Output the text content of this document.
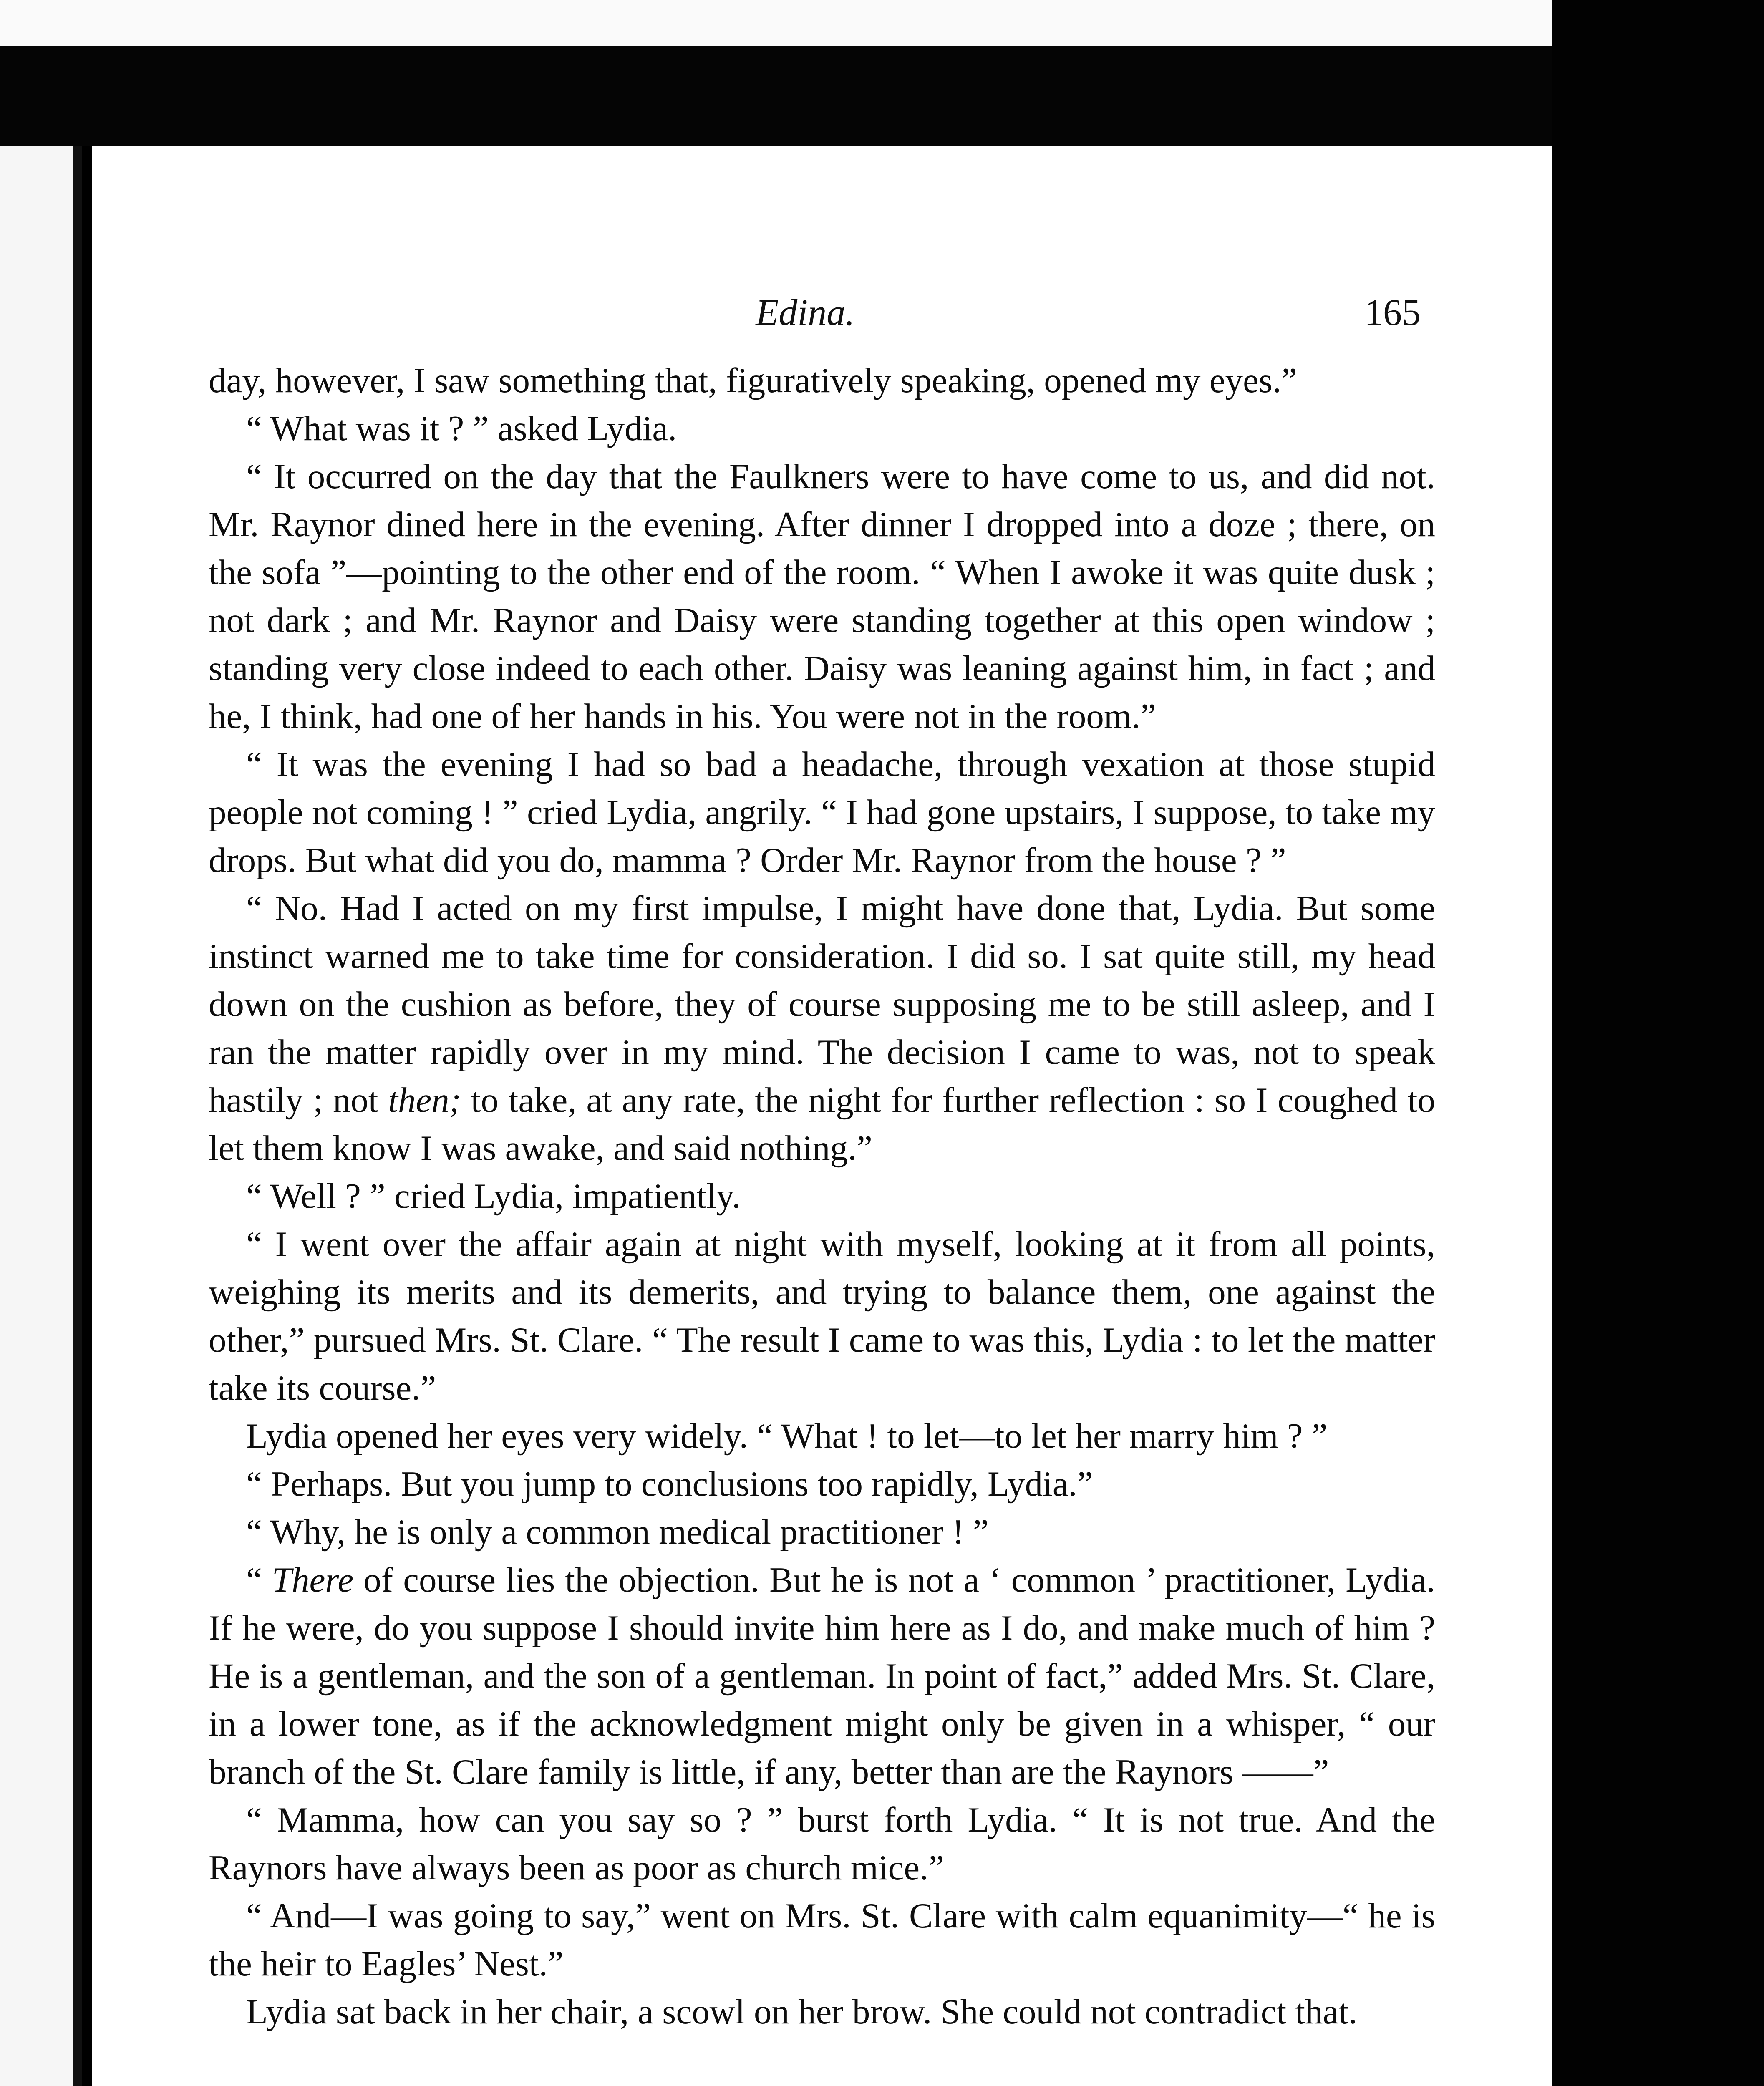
Edina.	165

day, however, I saw something that, figuratively speaking, opened my eyes.”

“ What was it ? ” asked Lydia.

“ It occurred on the day that the Faulkners were to have come to us, and did not. Mr. Raynor dined here in the evening. After dinner I dropped into a doze ; there, on the sofa ”—pointing to the other end of the room. “ When I awoke it was quite dusk ; not dark ; and Mr. Raynor and Daisy were standing together at this open window ; standing very close indeed to each other. Daisy was leaning against him, in fact ; and he, I think, had one of her hands in his. You were not in the room.”

“ It was the evening I had so bad a headache, through vexation at those stupid people not coming ! ” cried Lydia, angrily. “ I had gone upstairs, I suppose, to take my drops. But what did you do, mamma ? Order Mr. Raynor from the house ? ”

“ No. Had I acted on my first impulse, I might have done that, Lydia. But some instinct warned me to take time for consideration. I did so. I sat quite still, my head down on the cushion as before, they of course supposing me to be still asleep, and I ran the matter rapidly over in my mind. The decision I came to was, not to speak hastily ; not then; to take, at any rate, the night for further reflection : so I coughed to let them know I was awake, and said nothing.”

“ Well ? ” cried Lydia, impatiently.

“ I went over the affair again at night with myself, looking at it from all points, weighing its merits and its demerits, and trying to balance them, one against the other,” pursued Mrs. St. Clare. “ The result I came to was this, Lydia : to let the matter take its course.”

Lydia opened her eyes very widely. “ What ! to let—to let her marry him ? ”

“ Perhaps. But you jump to conclusions too rapidly, Lydia.”

“ Why, he is only a common medical practitioner ! ”

“ There of course lies the objection. But he is not a ‘ common ’ practitioner, Lydia. If he were, do you suppose I should invite him here as I do, and make much of him ? He is a gentleman, and the son of a gentleman. In point of fact,” added Mrs. St. Clare, in a lower tone, as if the acknowledgment might only be given in a whisper, “ our branch of the St. Clare family is little, if any, better than are the Raynors ——”

“ Mamma, how can you say so ? ” burst forth Lydia. “ It is not true. And the Raynors have always been as poor as church mice.”

“ And—I was going to say,” went on Mrs. St. Clare with calm equanimity—“ he is the heir to Eagles’ Nest.”

Lydia sat back in her chair, a scowl on her brow. She could not contradict that.
